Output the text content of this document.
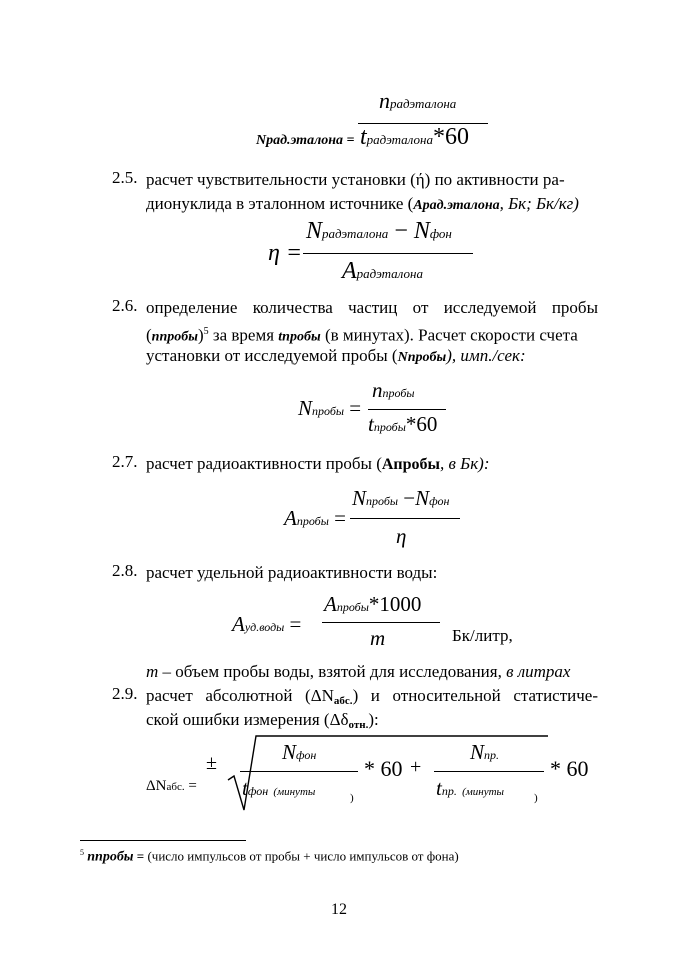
nрадэталона
Nрад.эталона = tрадэталона*60
2.5. расчет чувствительности установки (ή) по активности ра-
дионуклида в эталонном источнике (Aрад.эталона, Бк; Бк/кг)
Nрадэталона − Nфон
η =
Aрадэталона
2.6. определение количества частиц от исследуемой пробы
(nпробы)$^5$ за время tпробы (в минутах). Расчет скорости счета
установки от исследуемой пробы (Nпробы), имп./сек:
nпробы
Nпробы =
tпробы*60
2.7. расчет радиоактивности пробы (Aпробы, в Бк):
Nпробы −Nфон
Aпробы =
η
2.8. расчет удельной радиоактивности воды:
Aпробы*1000
Aуд.воды =
m	Бк/литр,
m – объем пробы воды, взятой для исследования, в литрах
2.9. расчет абсолютной (ΔNабс.) и относительной статистиче-
ской ошибки измерения (Δδотн.):
ΔNабс. =
±	Nфон
tфон (минуты	)
* 60 +
Nпр.
tпр. (минуты	)
* 60
$^5$ nпробы = (число импульсов от пробы + число импульсов от фона)
12
